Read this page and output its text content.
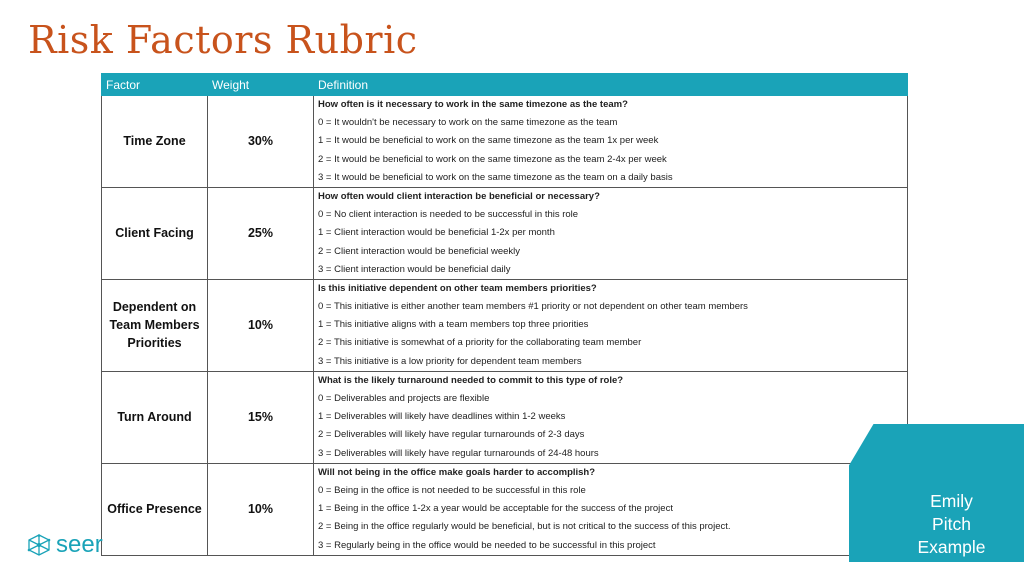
Risk Factors Rubric
Factor	Weight	Definition
Time Zone	30%	How often is it necessary to work in the same timezone as the team?
0 = It wouldn't be necessary to work on the same timezone as the team
1 = It would be beneficial to work on the same timezone as the team 1x per week
2 = It would be beneficial to work on the same timezone as the team 2-4x per week
3 = It would be beneficial to work on the same timezone as the team on a daily basis

Client Facing	25%	How often would client interaction be beneficial or necessary?
0 = No client interaction is needed to be successful in this role
1 = Client interaction would be beneficial 1-2x per month
2 = Client interaction would be beneficial weekly
3 = Client interaction would be beneficial daily

Dependent on Team Members Priorities	10%	Is this initiative dependent on other team members priorities?
0 = This initiative is either another team members #1 priority or not dependent on other team members
1 = This initiative aligns with a team members top three priorities
2 = This initiative is somewhat of a priority for the collaborating team member
3 = This initiative is a low priority for dependent team members

Turn Around	15%	What is the likely turnaround needed to commit to this type of role?
0 = Deliverables and projects are flexible
1 = Deliverables will likely have deadlines within 1-2 weeks
2 = Deliverables will likely have regular turnarounds of 2-3 days
3 = Deliverables will likely have regular turnarounds of 24-48 hours

Office Presence	10%	Will not being in the office make goals harder to accomplish?
0 = Being in the office is not needed to be successful in this role
1 = Being in the office 1-2x a year would be acceptable for the success of the project
2 = Being in the office regularly would be beneficial, but is not critical to the success of this project.
3 = Regularly being in the office would be needed to be successful in this project
Emily
Pitch
Example
seer
